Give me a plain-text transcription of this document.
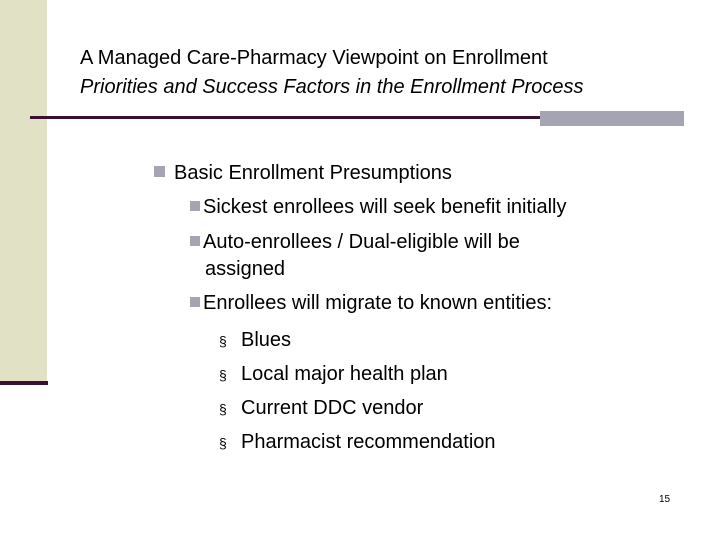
A Managed Care-Pharmacy Viewpoint on Enrollment
Priorities and Success Factors in the Enrollment Process
Basic Enrollment Presumptions
Sickest enrollees will seek benefit initially
Auto-enrollees / Dual-eligible will be
assigned
Enrollees will migrate to known entities:
§ Blues
§ Local major health plan
§ Current DDC vendor
§ Pharmacist recommendation
15
